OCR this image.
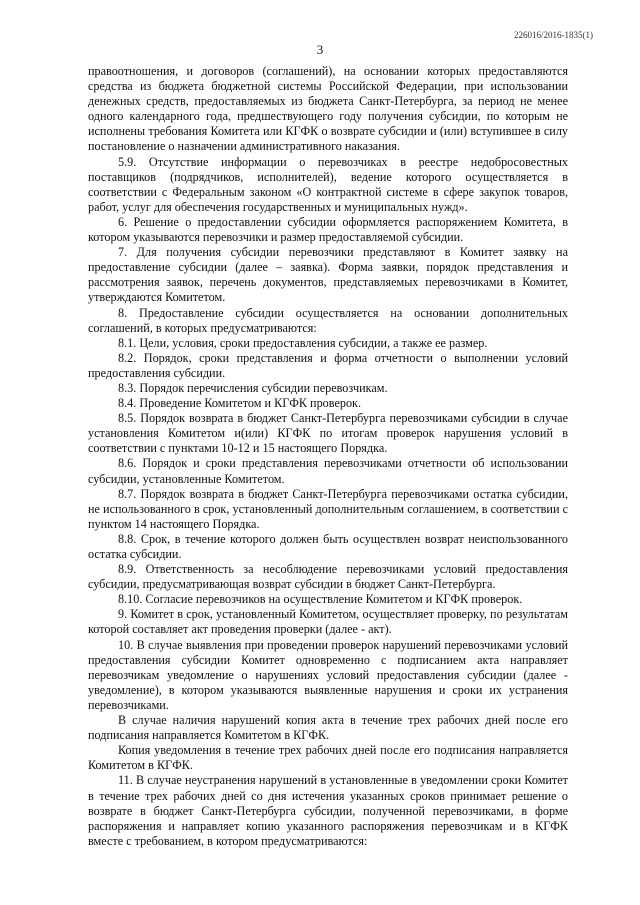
226016/2016-1835(1)
3

правоотношения, и договоров (соглашений), на основании которых предоставляются средства из бюджета бюджетной системы Российской Федерации, при использовании денежных средств, предоставляемых из бюджета Санкт-Петербурга, за период не менее одного календарного года, предшествующего году получения субсидии, по которым не исполнены требования Комитета или КГФК о возврате субсидии и (или) вступившее в силу постановление о назначении административного наказания.

5.9. Отсутствие информации о перевозчиках в реестре недобросовестных поставщиков (подрядчиков, исполнителей), ведение которого осуществляется в соответствии с Федеральным законом «О контрактной системе в сфере закупок товаров, работ, услуг для обеспечения государственных и муниципальных нужд».

6. Решение о предоставлении субсидии оформляется распоряжением Комитета, в котором указываются перевозчики и размер предоставляемой субсидии.

7. Для получения субсидии перевозчики представляют в Комитет заявку на предоставление субсидии (далее – заявка). Форма заявки, порядок представления и рассмотрения заявок, перечень документов, представляемых перевозчиками в Комитет, утверждаются Комитетом.

8. Предоставление субсидии осуществляется на основании дополнительных соглашений, в которых предусматриваются:

8.1. Цели, условия, сроки предоставления субсидии, а также ее размер.

8.2. Порядок, сроки представления и форма отчетности о выполнении условий предоставления субсидии.

8.3. Порядок перечисления субсидии перевозчикам.

8.4. Проведение Комитетом и КГФК проверок.

8.5. Порядок возврата в бюджет Санкт-Петербурга перевозчиками субсидии в случае установления Комитетом и(или) КГФК по итогам проверок нарушения условий в соответствии с пунктами 10-12 и 15 настоящего Порядка.

8.6. Порядок и сроки представления перевозчиками отчетности об использовании субсидии, установленные Комитетом.

8.7. Порядок возврата в бюджет Санкт-Петербурга перевозчиками остатка субсидии, не использованного в срок, установленный дополнительным соглашением, в соответствии с пунктом 14 настоящего Порядка.

8.8. Срок, в течение которого должен быть осуществлен возврат неиспользованного остатка субсидии.

8.9. Ответственность за несоблюдение перевозчиками условий предоставления субсидии, предусматривающая возврат субсидии в бюджет Санкт-Петербурга.

8.10. Согласие перевозчиков на осуществление Комитетом и КГФК проверок.

9. Комитет в срок, установленный Комитетом, осуществляет проверку, по результатам которой составляет акт проведения проверки (далее - акт).

10. В случае выявления при проведении проверок нарушений перевозчиками условий предоставления субсидии Комитет одновременно с подписанием акта направляет перевозчикам уведомление о нарушениях условий предоставления субсидии (далее - уведомление), в котором указываются выявленные нарушения и сроки их устранения перевозчиками.

В случае наличия нарушений копия акта в течение трех рабочих дней после его подписания направляется Комитетом в КГФК.

Копия уведомления в течение трех рабочих дней после его подписания направляется Комитетом в КГФК.

11. В случае неустранения нарушений в установленные в уведомлении сроки Комитет в течение трех рабочих дней со дня истечения указанных сроков принимает решение о возврате в бюджет Санкт-Петербурга субсидии, полученной перевозчиками, в форме распоряжения и направляет копию указанного распоряжения перевозчикам и в КГФК вместе с требованием, в котором предусматриваются:
